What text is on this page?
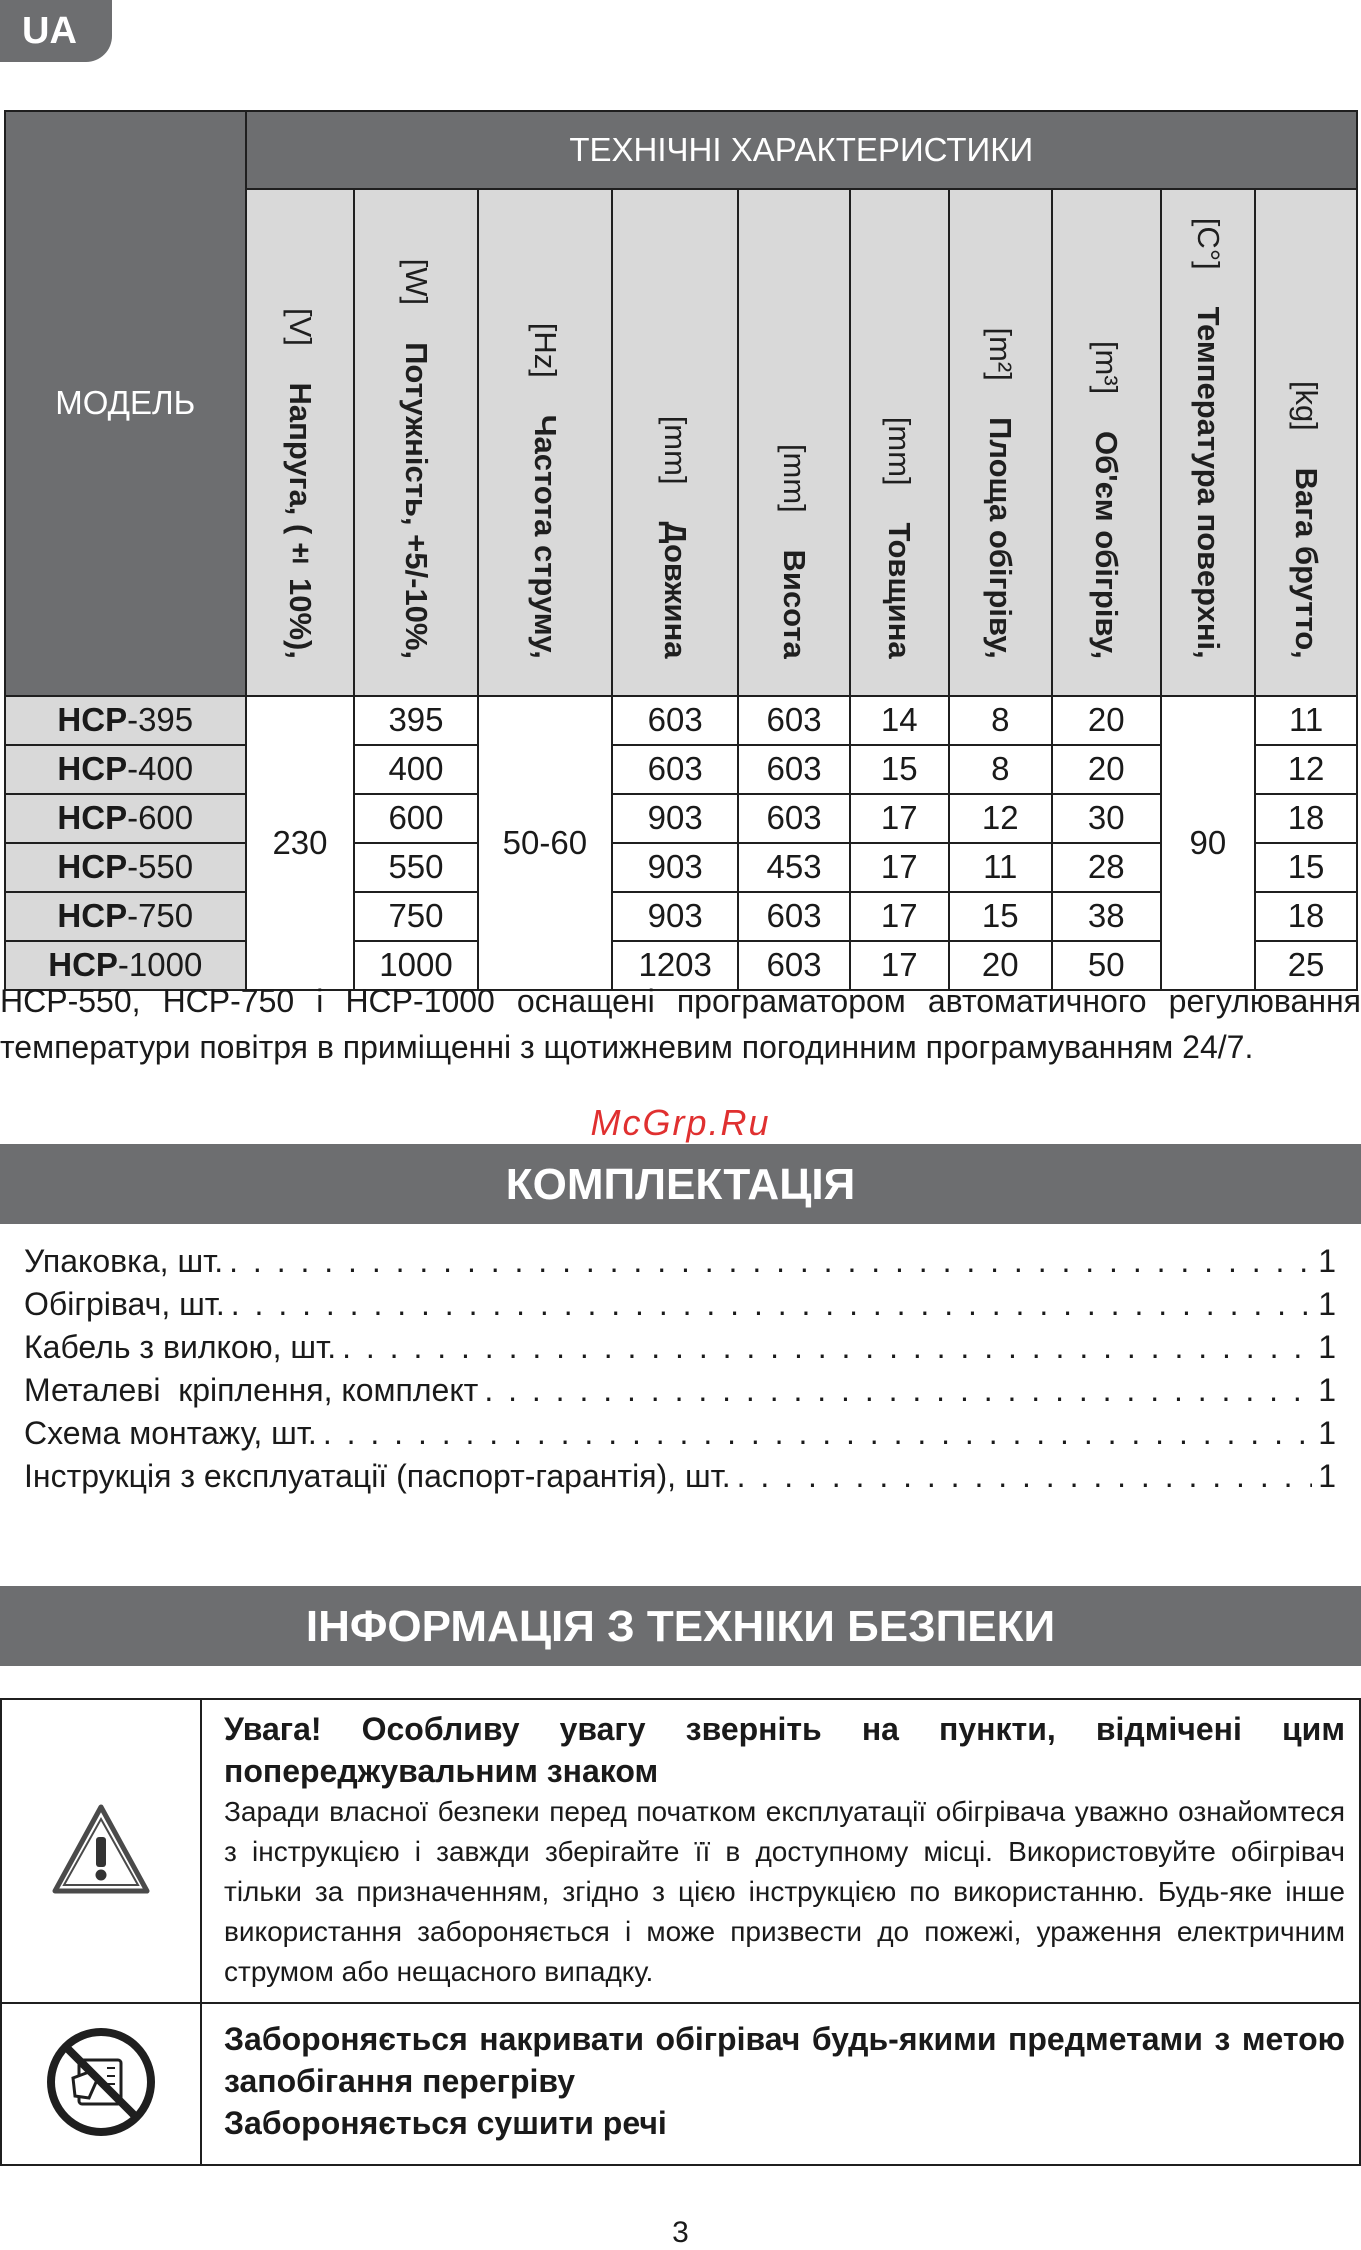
UA
МОДЕЛЬ	ТЕХНІЧНІ ХАРАКТЕРИСТИКИ									
	Напруга, (± 10%), [V]	Потужність, +5/-10%, [W]	Частота струму, [Hz]	Довжина [mm]	Висота [mm]	Товщина [mm]	Площа обігріву, [m²]	Об'єм обігріву, [m³]	Температура поверхні, [C°]	Вага брутто, [kg]
HCP-395	230	395	50-60	603	603	14	8	20	90	11
HCP-400		400		603	603	15	8	20		12
HCP-600		600		903	603	17	12	30		18
HCP-550		550		903	453	17	11	28		15
HCP-750		750		903	603	17	15	38		18
HCP-1000		1000		1203	603	17	20	50		25
HCP-550, HCP-750 і HCP-1000 оснащені програматором автоматичного регулювання
температури повітря в приміщенні з щотижневим погодинним програмуванням 24/7.
McGrp.Ru
КОМПЛЕКТАЦІЯ
Упаковка, шт. . . .	1
Обігрівач, шт. . . .	1
Кабель з вилкою, шт. . . .	1
Металеві  кріплення, комплект . . .	1
Схема монтажу, шт. . . .	1
Інструкція з експлуатації (паспорт-гарантія), шт. . . .	1
ІНФОРМАЦІЯ З ТЕХНІКИ БЕЗПЕКИ

Увага! Особливу увагу зверніть на пункти, відмічені цим попереджувальним знаком

Заради власної безпеки перед початком експлуатації обігрівача уважно ознайомтеся з інструкцією і завжди зберігайте її в доступному місці. Використовуйте обігрівач тільки за призначенням, згідно з цією інструкцією по використанню. Будь-яке інше використання забороняється і може призвести до пожежі, ураження електричним струмом або нещасного випадку.

Забороняється накривати обігрівач будь-якими предметами з метою запобігання перегріву

Забороняється сушити речі

3
